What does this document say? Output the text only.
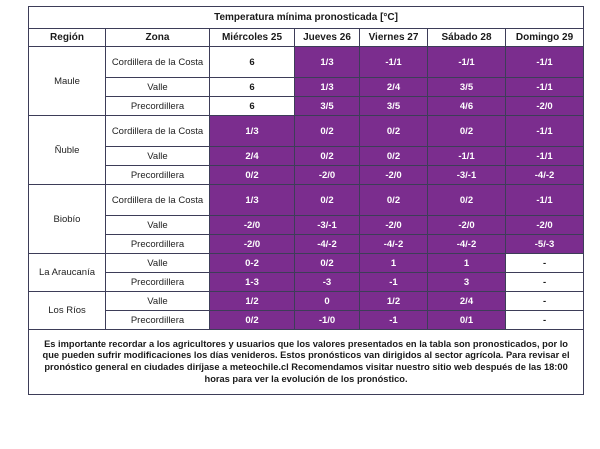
Temperatura mínima pronosticada [°C]						
Región	Zona	Miércoles 25	Jueves 26	Viernes 27	Sábado 28	Domingo 29
Maule	Cordillera de la Costa	6	1/3	-1/1	-1/1	-1/1
	Valle	6	1/3	2/4	3/5	-1/1
	Precordillera	6	3/5	3/5	4/6	-2/0
Ñuble	Cordillera de la Costa	1/3	0/2	0/2	0/2	-1/1
	Valle	2/4	0/2	0/2	-1/1	-1/1
	Precordillera	0/2	-2/0	-2/0	-3/-1	-4/-2
Biobío	Cordillera de la Costa	1/3	0/2	0/2	0/2	-1/1
	Valle	-2/0	-3/-1	-2/0	-2/0	-2/0
	Precordillera	-2/0	-4/-2	-4/-2	-4/-2	-5/-3
La Araucanía	Valle	0-2	0/2	1	1	-
	Precordillera	1-3	-3	-1	3	-
Los Ríos	Valle	1/2	0	1/2	2/4	-
	Precordillera	0/2	-1/0	-1	0/1	-
Es importante recordar a los agricultores y usuarios que los valores presentados en la tabla son pronosticados, por lo que pueden sufrir modificaciones los días venideros. Estos pronósticos van dirigidos al sector agrícola. Para revisar el pronóstico general en ciudades diríjase a meteochile.cl Recomendamos visitar nuestro sitio web después de las 18:00 horas para ver la evolución de los pronóstico.						
